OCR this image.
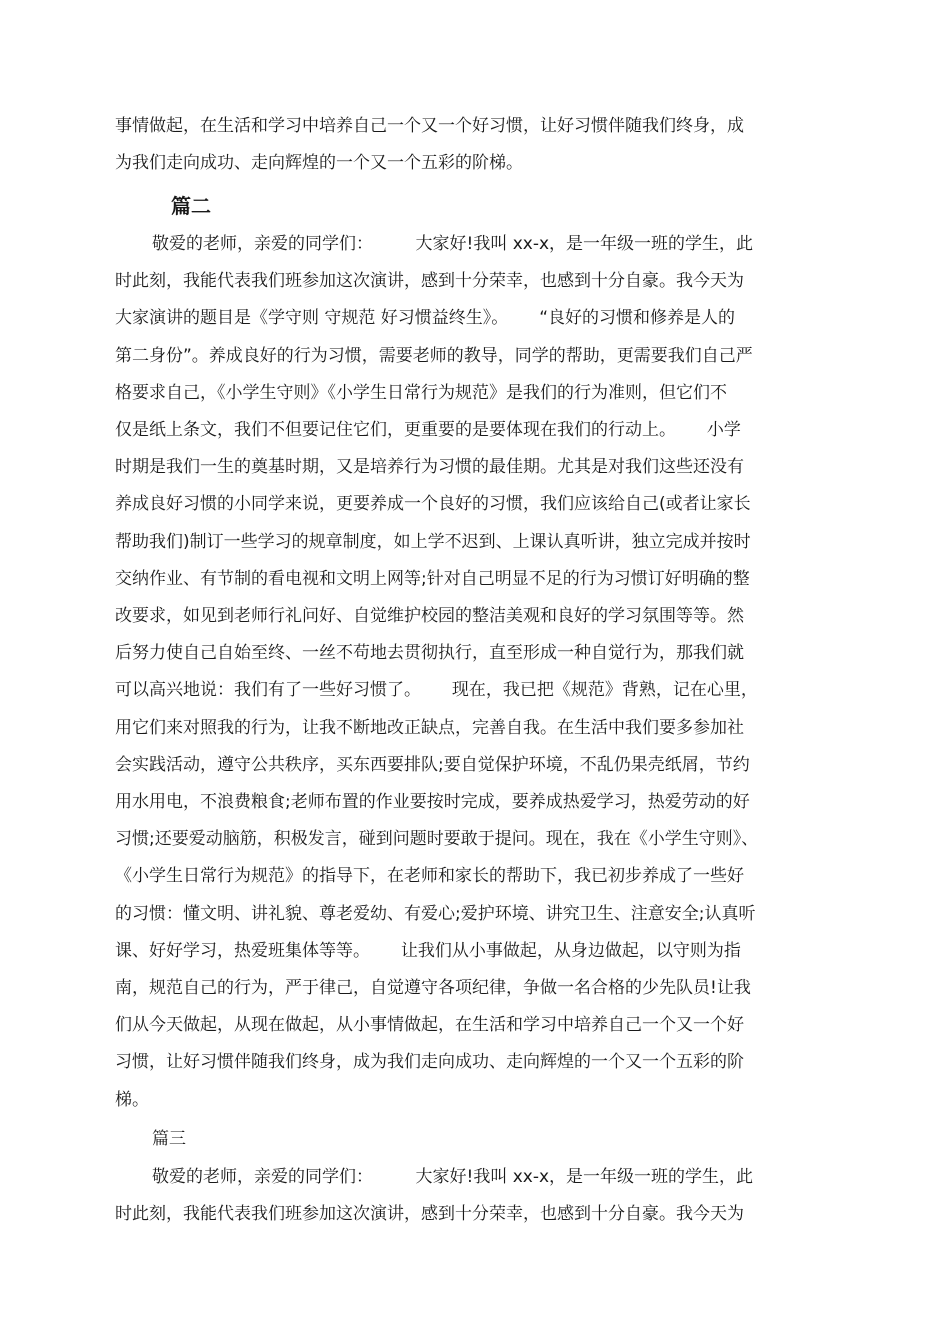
事情做起，在生活和学习中培养自己一个又一个好习惯，让好习惯伴随我们终身，成
为我们走向成功、走向辉煌的一个又一个五彩的阶梯。
篇二
敬爱的老师，亲爱的同学们：　　　大家好!我叫 xx-x，是一年级一班的学生，此
时此刻，我能代表我们班参加这次演讲，感到十分荣幸，也感到十分自豪。我今天为
大家演讲的题目是《学守则 守规范 好习惯益终生》。　　 “良好的习惯和修养是人的
第二身份”。养成良好的行为习惯，需要老师的教导，同学的帮助，更需要我们自己严
格要求自己，《小学生守则》《小学生日常行为规范》是我们的行为准则，但它们不
仅是纸上条文，我们不但要记住它们，更重要的是要体现在我们的行动上。　　 小学
时期是我们一生的奠基时期，又是培养行为习惯的最佳期。尤其是对我们这些还没有
养成良好习惯的小同学来说，更要养成一个良好的习惯，我们应该给自己(或者让家长
帮助我们)制订一些学习的规章制度，如上学不迟到、上课认真听讲，独立完成并按时
交纳作业、有节制的看电视和文明上网等;针对自己明显不足的行为习惯订好明确的整
改要求，如见到老师行礼问好、自觉维护校园的整洁美观和良好的学习氛围等等。然
后努力使自己自始至终、一丝不苟地去贯彻执行，直至形成一种自觉行为，那我们就
可以高兴地说：我们有了一些好习惯了。　　 现在，我已把《规范》背熟，记在心里，
用它们来对照我的行为，让我不断地改正缺点，完善自我。在生活中我们要多参加社
会实践活动，遵守公共秩序，买东西要排队;要自觉保护环境，不乱仍果壳纸屑，节约
用水用电，不浪费粮食;老师布置的作业要按时完成，要养成热爱学习，热爱劳动的好
习惯;还要爱动脑筋，积极发言，碰到问题时要敢于提问。现在，我在《小学生守则》、
《小学生日常行为规范》的指导下，在老师和家长的帮助下，我已初步养成了一些好
的习惯：懂文明、讲礼貌、尊老爱幼、有爱心;爱护环境、讲究卫生、注意安全;认真听
课、好好学习，热爱班集体等等。　　 让我们从小事做起，从身边做起，以守则为指
南，规范自己的行为，严于律己，自觉遵守各项纪律，争做一名合格的少先队员!让我
们从今天做起，从现在做起，从小事情做起，在生活和学习中培养自己一个又一个好
习惯，让好习惯伴随我们终身，成为我们走向成功、走向辉煌的一个又一个五彩的阶
梯。
篇三
敬爱的老师，亲爱的同学们：　　　大家好!我叫 xx-x，是一年级一班的学生，此
时此刻，我能代表我们班参加这次演讲，感到十分荣幸，也感到十分自豪。我今天为
